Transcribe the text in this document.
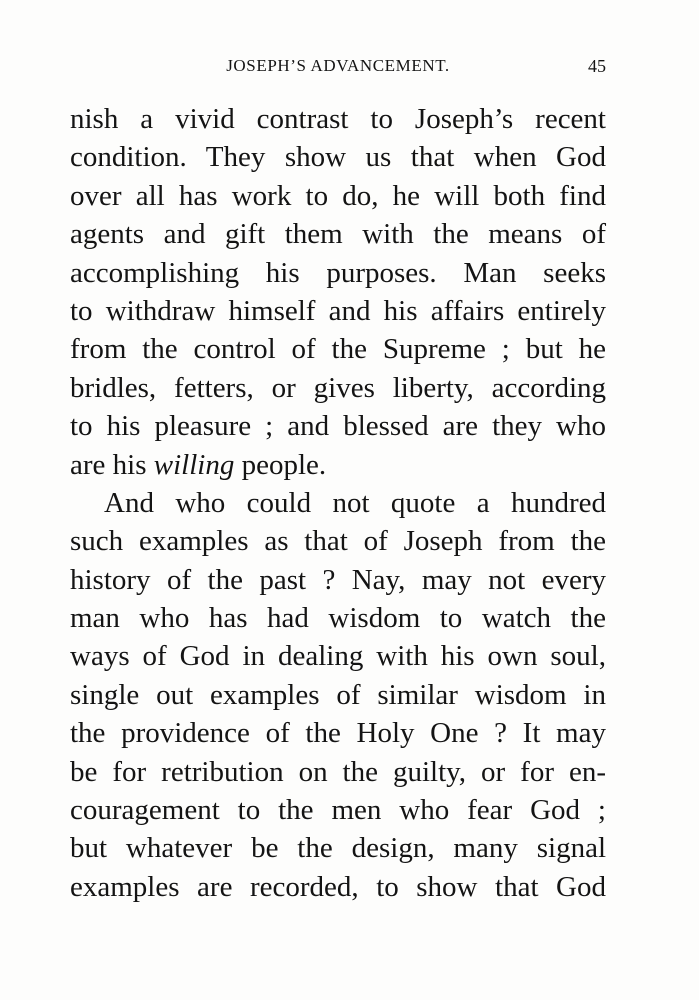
JOSEPH’S ADVANCEMENT.	45
nish a vivid contrast to Joseph’s recent
condition. They show us that when God
over all has work to do, he will both find
agents and gift them with the means of
accomplishing his purposes. Man seeks
to withdraw himself and his affairs entirely
from the control of the Supreme ; but he
bridles, fetters, or gives liberty, according
to his pleasure ; and blessed are they who
are his willing people.
And who could not quote a hundred
such examples as that of Joseph from the
history of the past ? Nay, may not every
man who has had wisdom to watch the
ways of God in dealing with his own soul,
single out examples of similar wisdom in
the providence of the Holy One ? It may
be for retribution on the guilty, or for en-
couragement to the men who fear God ;
but whatever be the design, many signal
examples are recorded, to show that God
